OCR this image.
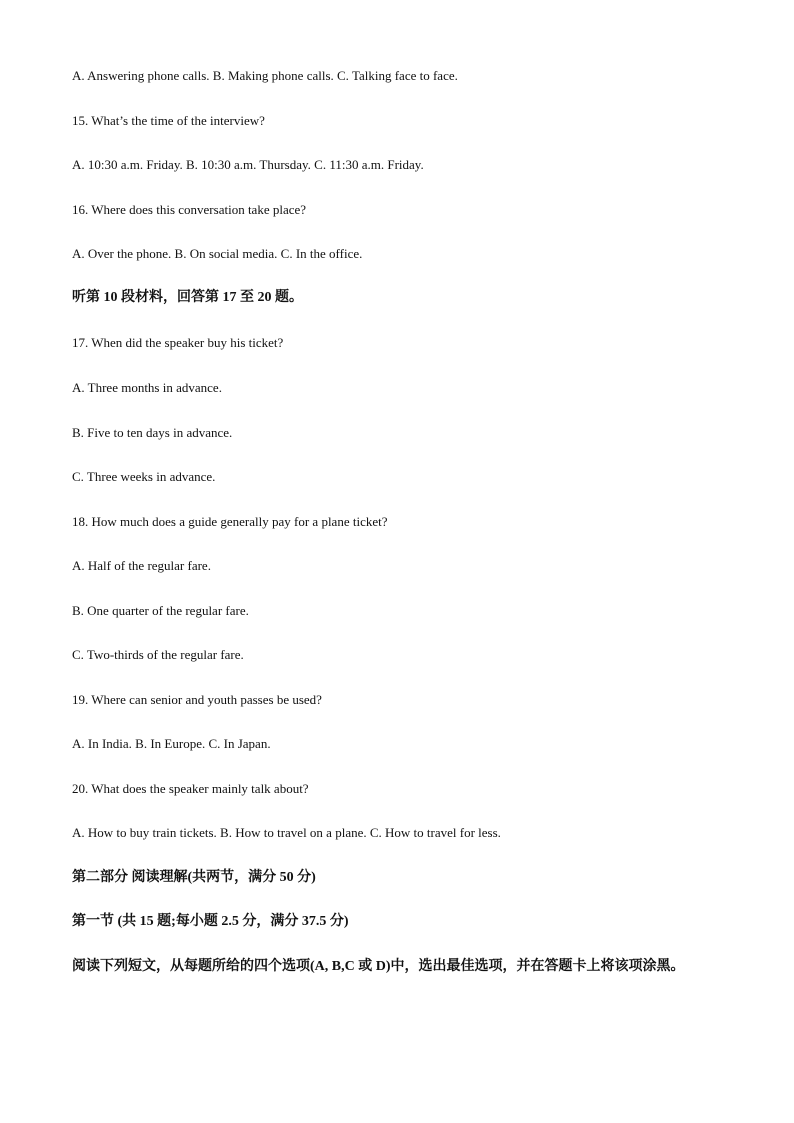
A. Answering phone calls. B. Making phone calls. C. Talking face to face.
15. What’s the time of the interview?
A. 10:30 a.m. Friday. B. 10:30 a.m. Thursday. C. 11:30 a.m. Friday.
16. Where does this conversation take place?
A. Over the phone. B. On social media. C. In the office.
听第 10 段材料，回答第 17 至 20 题。
17. When did the speaker buy his ticket?
A. Three months in advance.
B. Five to ten days in advance.
C. Three weeks in advance.
18. How much does a guide generally pay for a plane ticket?
A. Half of the regular fare.
B. One quarter of the regular fare.
C. Two-thirds of the regular fare.
19. Where can senior and youth passes be used?
A. In India. B. In Europe. C. In Japan.
20. What does the speaker mainly talk about?
A. How to buy train tickets. B. How to travel on a plane. C. How to travel for less.
第二部分 阅读理解(共两节，满分 50 分)
第一节 (共 15 题;每小题 2.5 分，满分 37.5 分)
阅读下列短文，从每题所给的四个选项(A, B,C 或 D)中，选出最佳选项，并在答题卡上将该项涂黑。
